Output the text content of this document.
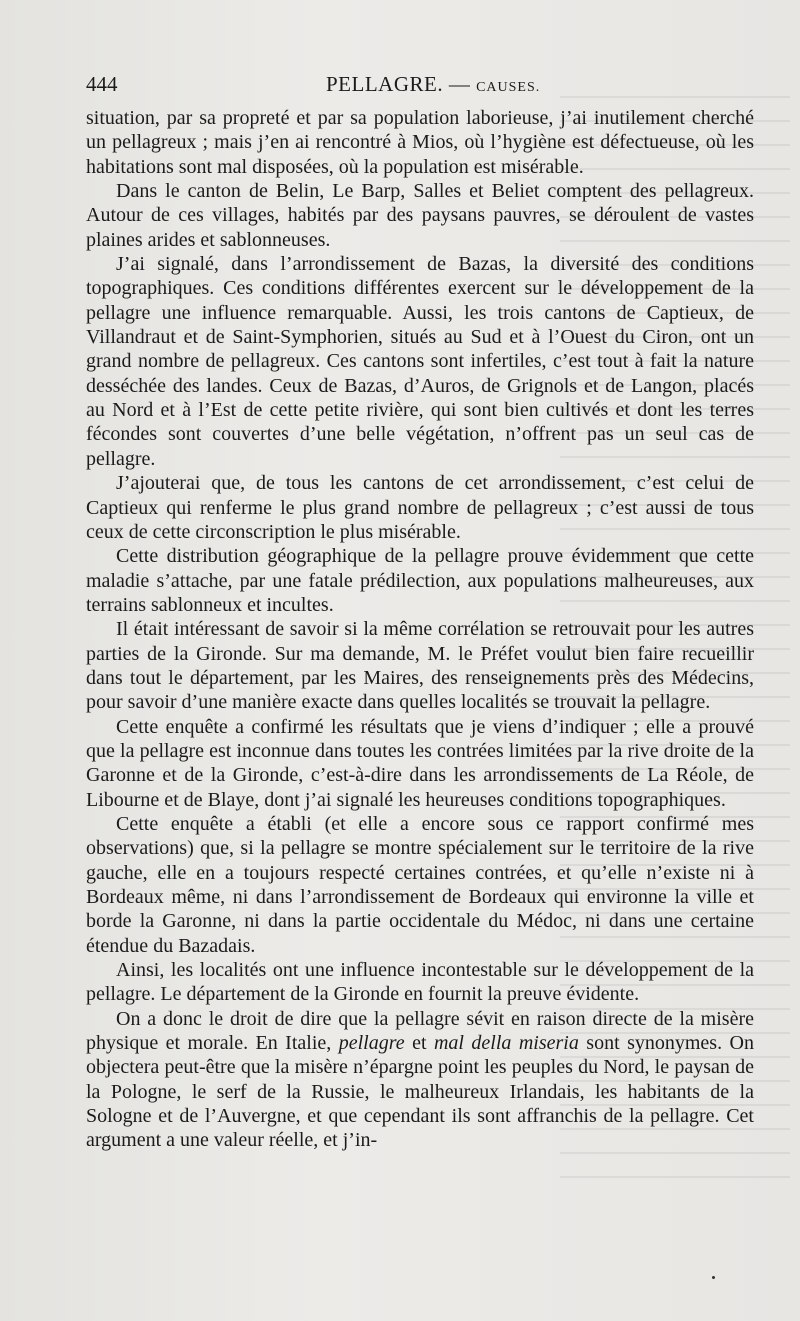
444	PELLAGRE. — CAUSES.

situation, par sa propreté et par sa population laborieuse, j’ai inutilement cherché un pellagreux ; mais j’en ai rencontré à Mios, où l’hygiène est défectueuse, où les habitations sont mal disposées, où la population est misérable.

Dans le canton de Belin, Le Barp, Salles et Beliet comptent des pellagreux. Autour de ces villages, habités par des paysans pauvres, se déroulent de vastes plaines arides et sablonneuses.

J’ai signalé, dans l’arrondissement de Bazas, la diversité des conditions topographiques. Ces conditions différentes exercent sur le développement de la pellagre une influence remarquable. Aussi, les trois cantons de Captieux, de Villandraut et de Saint-Symphorien, situés au Sud et à l’Ouest du Ciron, ont un grand nombre de pellagreux. Ces cantons sont infertiles, c’est tout à fait la nature desséchée des landes. Ceux de Bazas, d’Auros, de Grignols et de Langon, placés au Nord et à l’Est de cette petite rivière, qui sont bien cultivés et dont les terres fécondes sont couvertes d’une belle végétation, n’offrent pas un seul cas de pellagre.

J’ajouterai que, de tous les cantons de cet arrondissement, c’est celui de Captieux qui renferme le plus grand nombre de pellagreux ; c’est aussi de tous ceux de cette circonscription le plus misérable.

Cette distribution géographique de la pellagre prouve évidemment que cette maladie s’attache, par une fatale prédilection, aux populations malheureuses, aux terrains sablonneux et incultes.

Il était intéressant de savoir si la même corrélation se retrouvait pour les autres parties de la Gironde. Sur ma demande, M. le Préfet voulut bien faire recueillir dans tout le département, par les Maires, des renseignements près des Médecins, pour savoir d’une manière exacte dans quelles localités se trouvait la pellagre.

Cette enquête a confirmé les résultats que je viens d’indiquer ; elle a prouvé que la pellagre est inconnue dans toutes les contrées limitées par la rive droite de la Garonne et de la Gironde, c’est-à-dire dans les arrondissements de La Réole, de Libourne et de Blaye, dont j’ai signalé les heureuses conditions topographiques.

Cette enquête a établi (et elle a encore sous ce rapport confirmé mes observations) que, si la pellagre se montre spécialement sur le territoire de la rive gauche, elle en a toujours respecté certaines contrées, et qu’elle n’existe ni à Bordeaux même, ni dans l’arrondissement de Bordeaux qui environne la ville et borde la Garonne, ni dans la partie occidentale du Médoc, ni dans une certaine étendue du Bazadais.

Ainsi, les localités ont une influence incontestable sur le développement de la pellagre. Le département de la Gironde en fournit la preuve évidente.

On a donc le droit de dire que la pellagre sévit en raison directe de la misère physique et morale. En Italie, pellagre et mal della miseria sont synonymes. On objectera peut-être que la misère n’épargne point les peuples du Nord, le paysan de la Pologne, le serf de la Russie, le malheureux Irlandais, les habitants de la Sologne et de l’Auvergne, et que cependant ils sont affranchis de la pellagre. Cet argument a une valeur réelle, et j’in-
